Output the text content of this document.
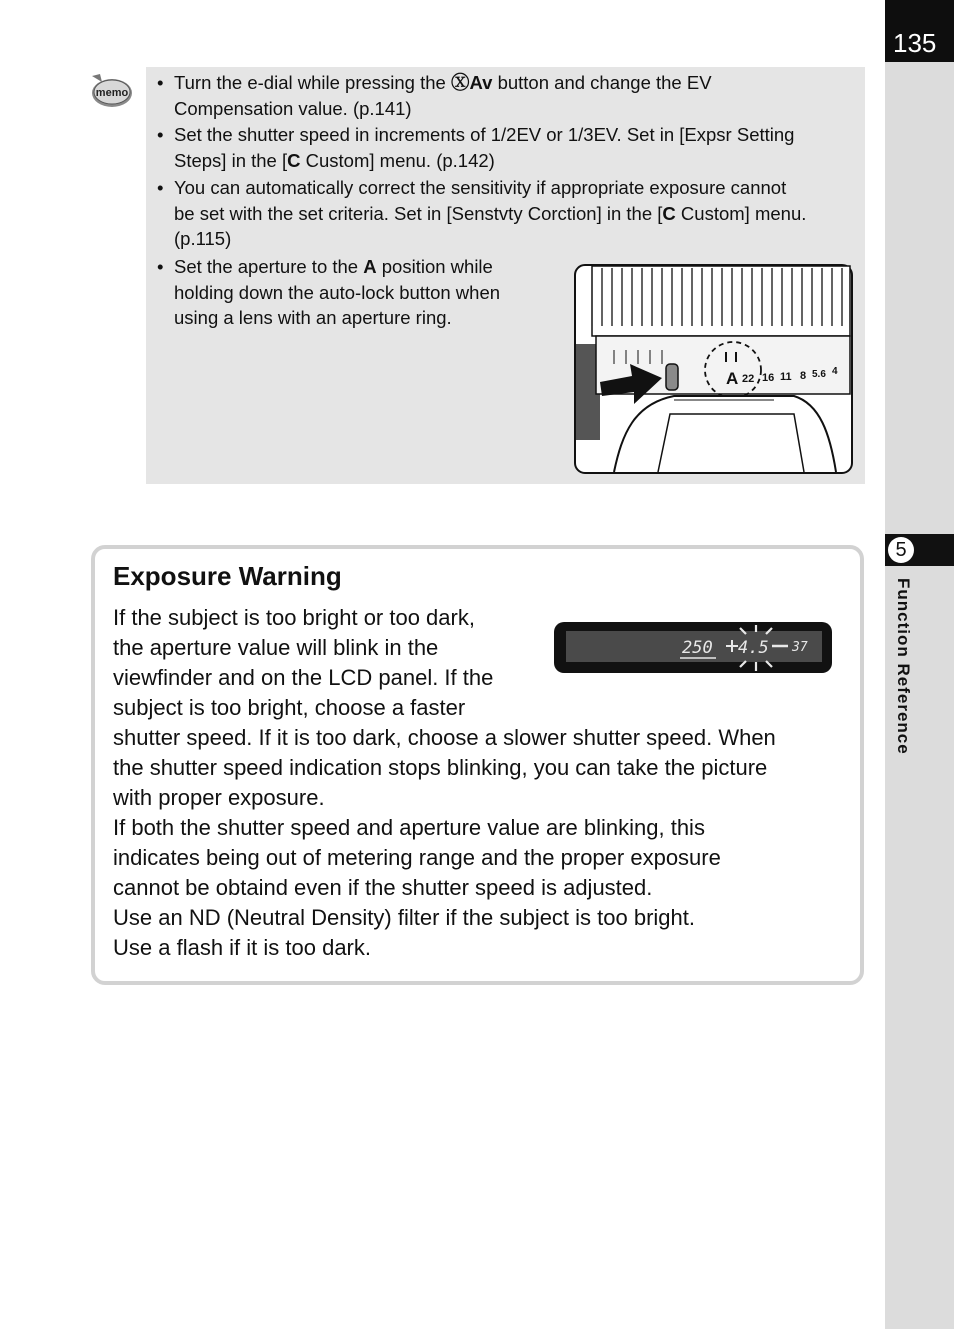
135
5
Function Reference
memo • Turn the e-dial while pressing the ⓍAv button and change the EV
Compensation value. (p.141)
• Set the shutter speed in increments of 1/2EV or 1/3EV. Set in [Expsr Setting
Steps] in the [C Custom] menu. (p.142)
• You can automatically correct the sensitivity if appropriate exposure cannot
be set with the set criteria. Set in [Senstvty Corction] in the [C Custom] menu.
(p.115)
• Set the aperture to the A position while
holding down the auto-lock button when
using a lens with an aperture ring.
A 22 16 11 8 5.6 4
Exposure Warning
If the subject is too bright or too dark,
the aperture value will blink in the
viewfinder and on the LCD panel. If the
subject is too bright, choose a faster
shutter speed. If it is too dark, choose a slower shutter speed. When
the shutter speed indication stops blinking, you can take the picture
with proper exposure.
If both the shutter speed and aperture value are blinking, this
indicates being out of metering range and the proper exposure
cannot be obtaind even if the shutter speed is adjusted.
Use an ND (Neutral Density) filter if the subject is too bright.
Use a flash if it is too dark.
250 4.5 37
